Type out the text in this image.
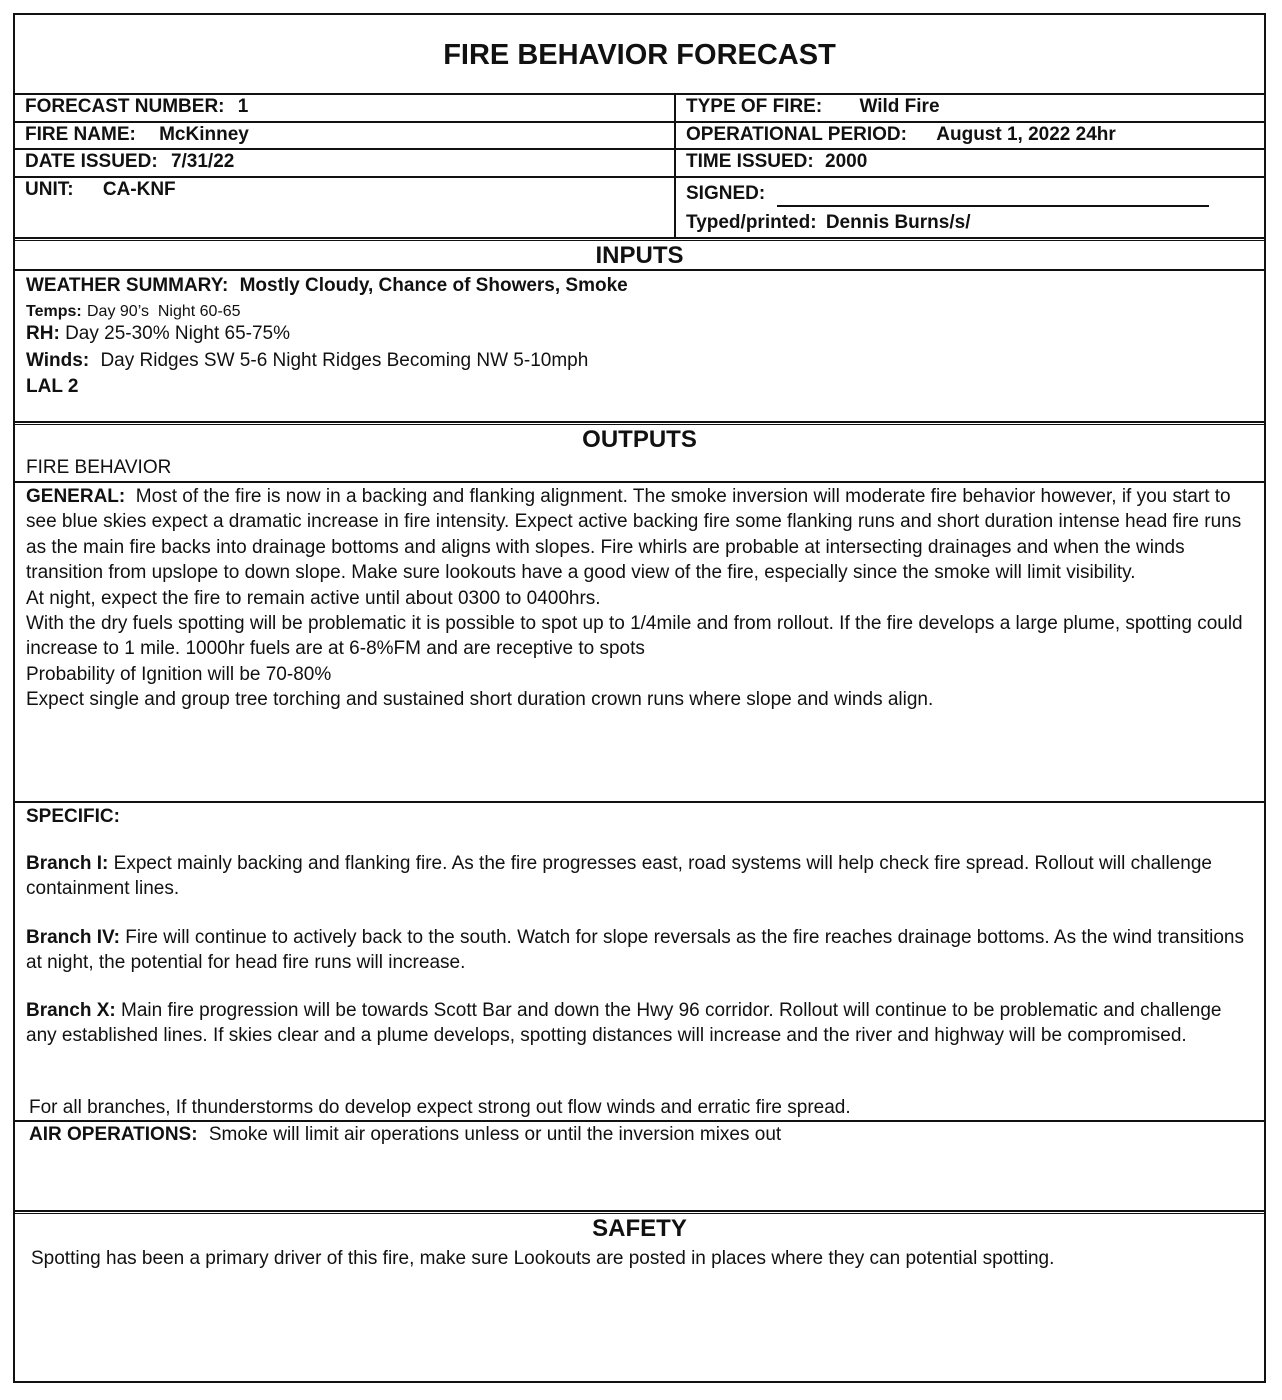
FIRE BEHAVIOR FORECAST
FORECAST NUMBER: 1	TYPE OF FIRE: Wild Fire
FIRE NAME: McKinney	OPERATIONAL PERIOD: August 1, 2022 24hr
DATE ISSUED: 7/31/22	TIME ISSUED: 2000
UNIT: CA-KNF	SIGNED:
Typed/printed: Dennis Burns/s/
INPUTS
WEATHER SUMMARY: Mostly Cloudy, Chance of Showers, Smoke
Temps: Day 90’s  Night 60-65
RH: Day 25-30% Night 65-75%
Winds: Day Ridges SW 5-6 Night Ridges Becoming NW 5-10mph
LAL 2
OUTPUTS
FIRE BEHAVIOR
GENERAL: Most of the fire is now in a backing and flanking alignment. The smoke inversion will moderate fire behavior however, if you start to see blue skies expect a dramatic increase in fire intensity. Expect active backing fire some flanking runs and short duration intense head fire runs as the main fire backs into drainage bottoms and aligns with slopes. Fire whirls are probable at intersecting drainages and when the winds transition from upslope to down slope. Make sure lookouts have a good view of the fire, especially since the smoke will limit visibility.
At night, expect the fire to remain active until about 0300 to 0400hrs.
With the dry fuels spotting will be problematic it is possible to spot up to 1/4mile and from rollout. If the fire develops a large plume, spotting could increase to 1 mile. 1000hr fuels are at 6-8%FM and are receptive to spots
Probability of Ignition will be 70-80%
Expect single and group tree torching and sustained short duration crown runs where slope and winds align.
SPECIFIC:
Branch I: Expect mainly backing and flanking fire. As the fire progresses east, road systems will help check fire spread. Rollout will challenge containment lines.
Branch IV: Fire will continue to actively back to the south. Watch for slope reversals as the fire reaches drainage bottoms. As the wind transitions at night, the potential for head fire runs will increase.
Branch X: Main fire progression will be towards Scott Bar and down the Hwy 96 corridor. Rollout will continue to be problematic and challenge any established lines. If skies clear and a plume develops, spotting distances will increase and the river and highway will be compromised.
For all branches, If thunderstorms do develop expect strong out flow winds and erratic fire spread.
AIR OPERATIONS: Smoke will limit air operations unless or until the inversion mixes out
SAFETY
Spotting has been a primary driver of this fire, make sure Lookouts are posted in places where they can potential spotting.
